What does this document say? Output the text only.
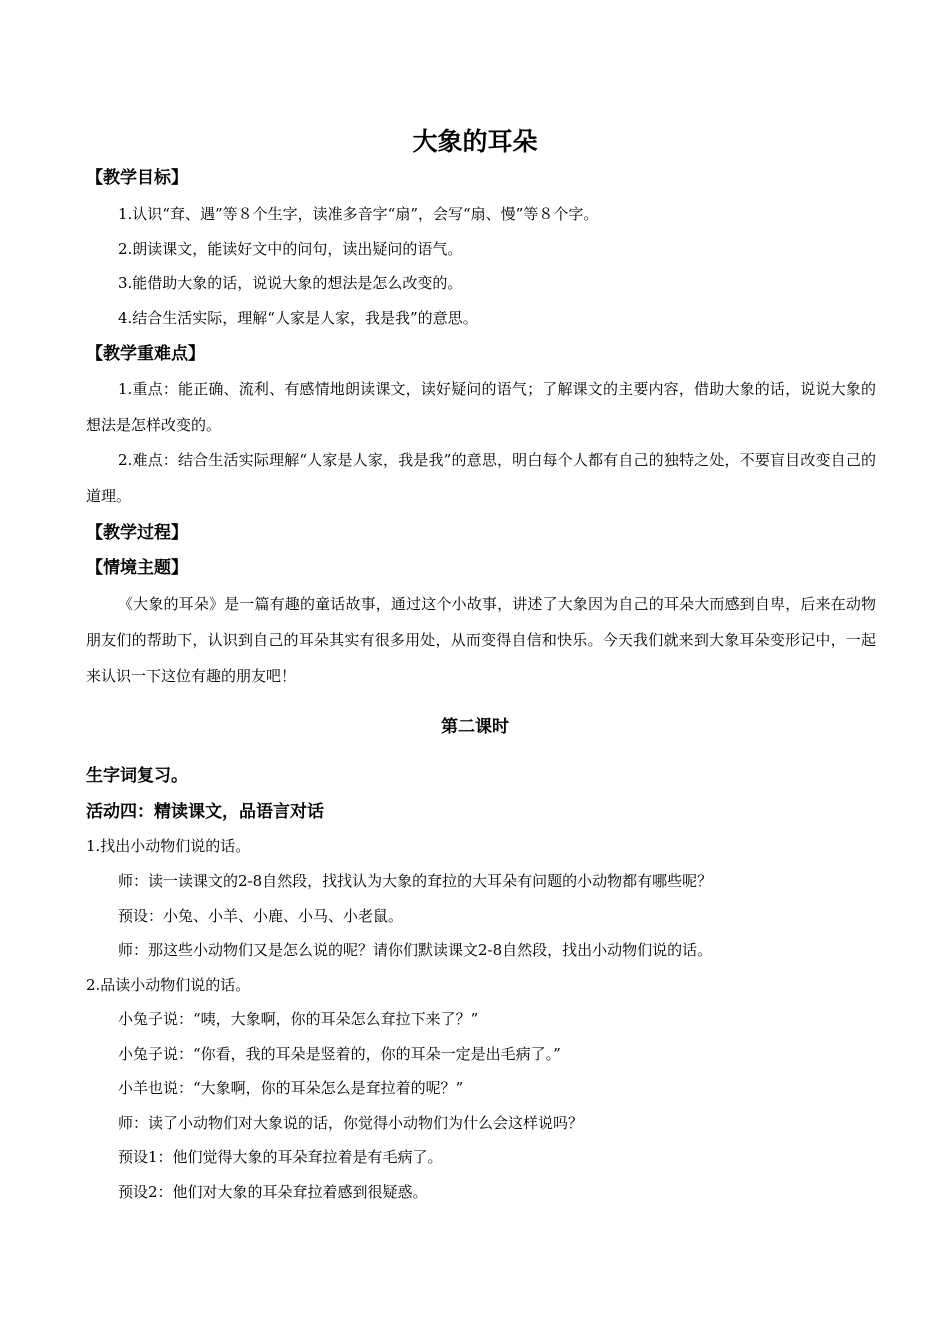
大象的耳朵
【教学目标】
1.认识“耷、遇”等８个生字，读准多音字“扇”，会写“扇、慢”等８个字。
2.朗读课文，能读好文中的问句，读出疑问的语气。
3.能借助大象的话，说说大象的想法是怎么改变的。
4.结合生活实际，理解“人家是人家，我是我”的意思。
【教学重难点】
1.重点：能正确、流利、有感情地朗读课文，读好疑问的语气；了解课文的主要内容，借助大象的话，说说大象的想法是怎样改变的。
2.难点：结合生活实际理解“人家是人家，我是我”的意思，明白每个人都有自己的独特之处，不要盲目改变自己的道理。
【教学过程】
【情境主题】
《大象的耳朵》是一篇有趣的童话故事，通过这个小故事，讲述了大象因为自己的耳朵大而感到自卑，后来在动物朋友们的帮助下，认识到自己的耳朵其实有很多用处，从而变得自信和快乐。今天我们就来到大象耳朵变形记中，一起来认识一下这位有趣的朋友吧！
第二课时
生字词复习。
活动四：精读课文，品语言对话
1.找出小动物们说的话。
师：读一读课文的2-8自然段，找找认为大象的耷拉的大耳朵有问题的小动物都有哪些呢？
预设：小兔、小羊、小鹿、小马、小老鼠。
师：那这些小动物们又是怎么说的呢？请你们默读课文2-8自然段，找出小动物们说的话。
2.品读小动物们说的话。
小兔子说：“咦，大象啊，你的耳朵怎么耷拉下来了？”
小兔子说：“你看，我的耳朵是竖着的，你的耳朵一定是出毛病了。”
小羊也说：“大象啊，你的耳朵怎么是耷拉着的呢？”
师：读了小动物们对大象说的话，你觉得小动物们为什么会这样说吗？
预设1：他们觉得大象的耳朵耷拉着是有毛病了。
预设2：他们对大象的耳朵耷拉着感到很疑惑。
